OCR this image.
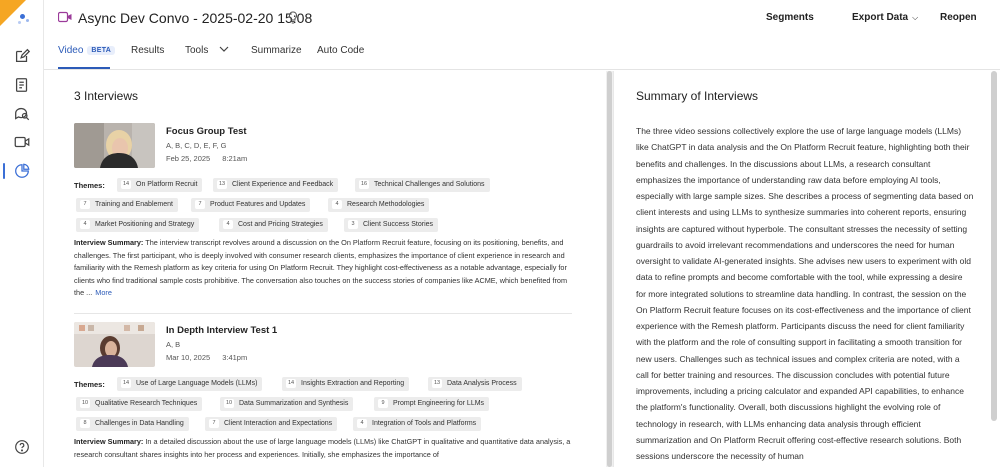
Async Dev Convo - 2025-02-20 15:08	Segments	Export Data ⌵ Reopen
Video BETA	Results Tools	Summarize Auto Code
3 Interviews
Focus Group Test
A, B, C, D, E, F, G
Feb 25, 2025 8:21am
Themes:	14 On Platform Recruit	13 Client Experience and Feedback	16 Technical Challenges and Solutions
7 Training and Enablement	7 Product Features and Updates	4 Research Methodologies
4 Market Positioning and Strategy	4 Cost and Pricing Strategies	3 Client Success Stories
Interview Summary: The interview transcript revolves around a discussion on the On Platform Recruit feature, focusing on its positioning, benefits, and challenges. The first participant, who is deeply involved with consumer research clients, emphasizes the importance of client experience in research and familiarity with the Remesh platform as key criteria for using On Platform Recruit. They highlight cost-effectiveness as a notable advantage, especially for clients who find traditional sample costs prohibitive. The conversation also touches on the success stories of companies like ACME, which benefited from the ... More
In Depth Interview Test 1
A, B
Mar 10, 2025 3:41pm
Themes:	14 Use of Large Language Models (LLMs)	14 Insights Extraction and Reporting	13 Data Analysis Process
10 Qualitative Research Techniques	10 Data Summarization and Synthesis	9 Prompt Engineering for LLMs
8 Challenges in Data Handling	7 Client Interaction and Expectations	4 Integration of Tools and Platforms
Interview Summary: In a detailed discussion about the use of large language models (LLMs) like ChatGPT in qualitative and quantitative data analysis, a research consultant shares insights into her process and experiences. Initially, she emphasizes the importance of
Summary of Interviews

The three video sessions collectively explore the use of large language models (LLMs) like ChatGPT in data analysis and the On Platform Recruit feature, highlighting both their benefits and challenges. In the discussions about LLMs, a research consultant emphasizes the importance of understanding raw data before employing AI tools, especially with large sample sizes. She describes a process of segmenting data based on client interests and using LLMs to synthesize summaries into coherent reports, ensuring insights are captured without hyperbole. The consultant stresses the necessity of setting guardrails to avoid irrelevant recommendations and underscores the need for human oversight to validate AI-generated insights. She advises new users to experiment with old data to refine prompts and become comfortable with the tool, while expressing a desire for more integrated solutions to streamline data handling. In contrast, the session on the On Platform Recruit feature focuses on its cost-effectiveness and the importance of client experience with the Remesh platform. Participants discuss the need for client familiarity with the platform and the role of consulting support in facilitating a smooth transition for new users. Challenges such as technical issues and complex criteria are noted, with a call for better training and resources. The discussion concludes with potential future improvements, including a pricing calculator and expanded API capabilities, to enhance the platform's functionality. Overall, both discussions highlight the evolving role of technology in research, with LLMs enhancing data analysis through efficient summarization and On Platform Recruit offering cost-effective research solutions. Both sessions underscore the necessity of human
